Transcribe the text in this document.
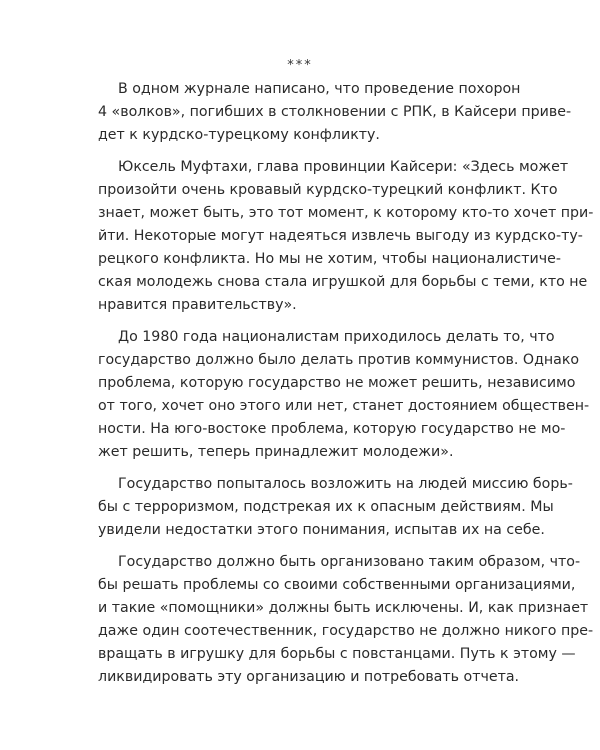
***
В одном журнале написано, что проведение похорон
4 «волков», погибших в столкновении с РПК, в Кайсери приве-
дет к курдско-турецкому конфликту.
Юксель Муфтахи, глава провинции Кайсери: «Здесь может
произойти очень кровавый курдско-турецкий конфликт. Кто
знает, может быть, это тот момент, к которому кто-то хочет при-
йти. Некоторые могут надеяться извлечь выгоду из курдско-ту-
рецкого конфликта. Но мы не хотим, чтобы националистиче-
ская молодежь снова стала игрушкой для борьбы с теми, кто не
нравится правительству».
До 1980 года националистам приходилось делать то, что
государство должно было делать против коммунистов. Однако
проблема, которую государство не может решить, независимо
от того, хочет оно этого или нет, станет достоянием обществен-
ности. На юго-востоке проблема, которую государство не мо-
жет решить, теперь принадлежит молодежи».
Государство попыталось возложить на людей миссию борь-
бы с терроризмом, подстрекая их к опасным действиям. Мы
увидели недостатки этого понимания, испытав их на себе.
Государство должно быть организовано таким образом, что-
бы решать проблемы со своими собственными организациями,
и такие «помощники» должны быть исключены. И, как признает
даже один соотечественник, государство не должно никого пре-
вращать в игрушку для борьбы с повстанцами. Путь к этому —
ликвидировать эту организацию и потребовать отчета.
